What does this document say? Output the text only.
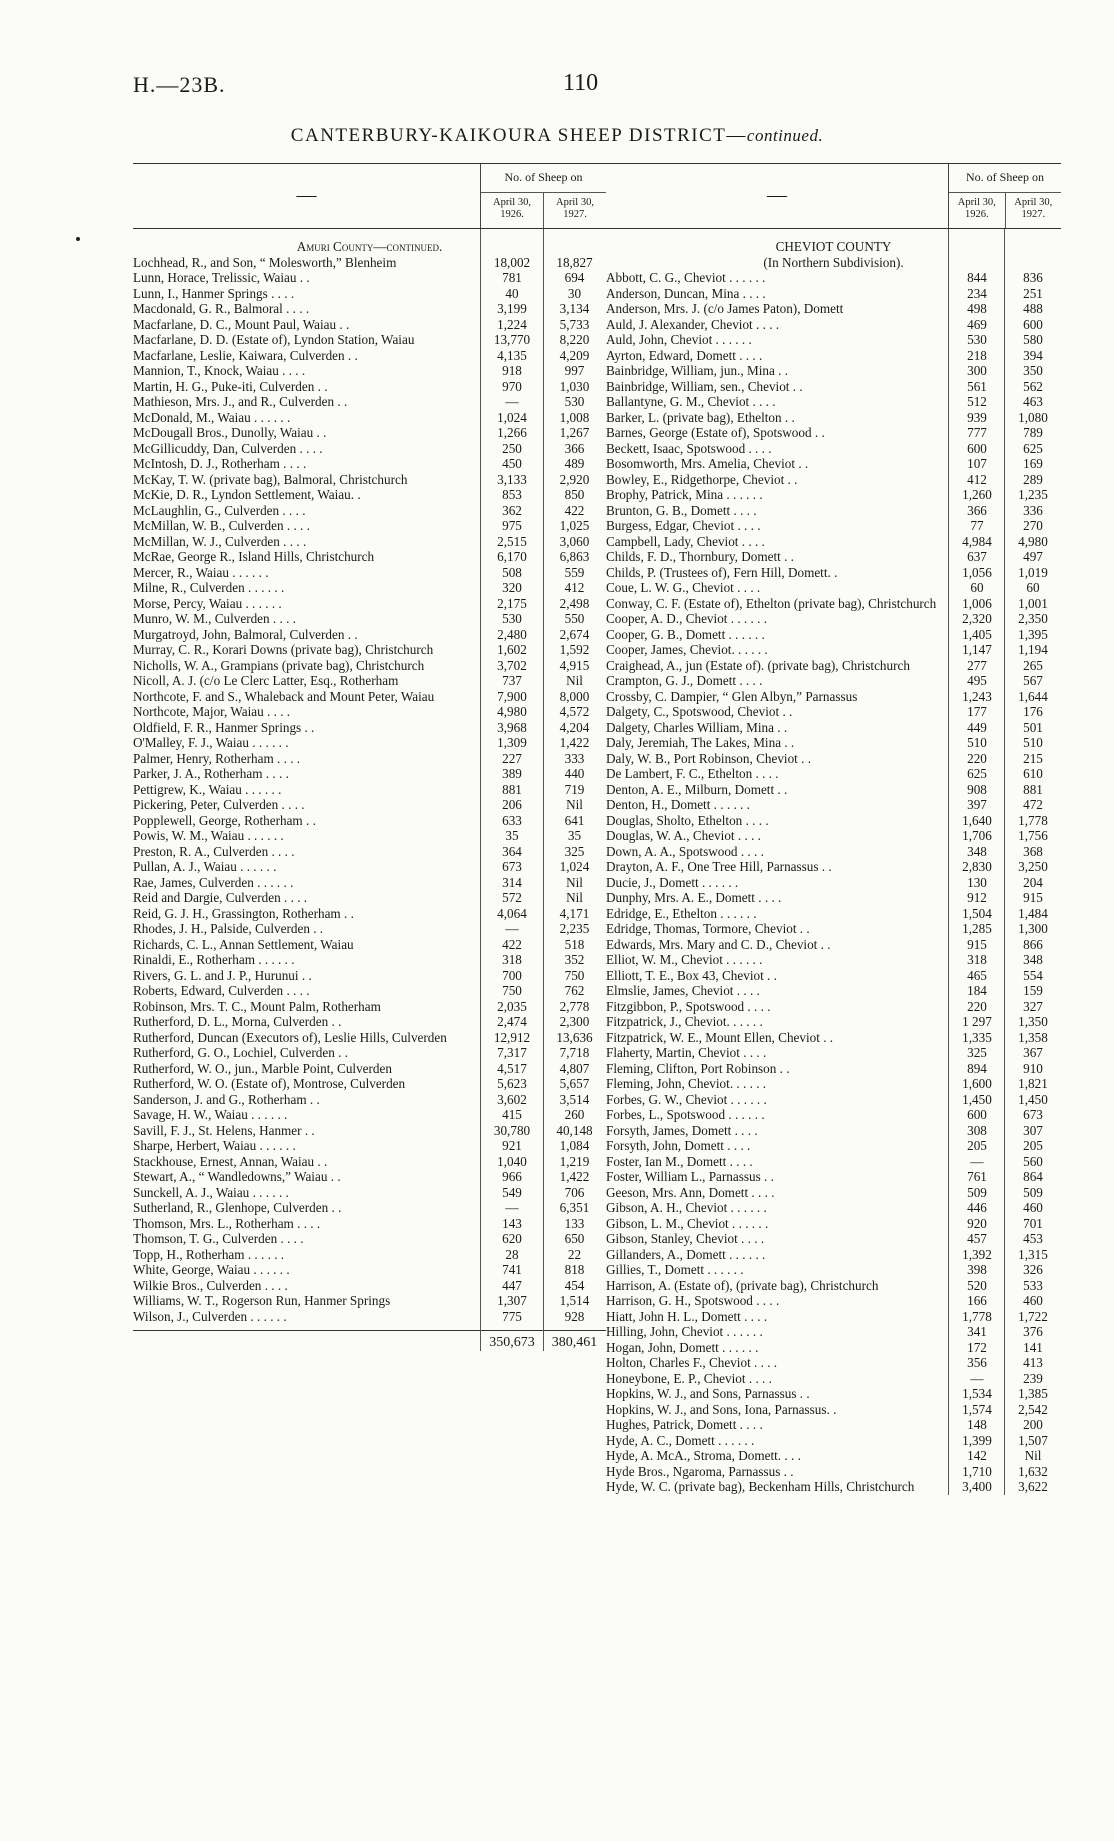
H.—23B.	110
CANTERBURY-KAIKOURA SHEEP DISTRICT—continued.
—
No. of Sheep on
April 30, 1926.
April 30, 1927.
Amuri County—continued.
Lochhead, R., and Son, “ Molesworth,” Blenheim	18,002	18,827
Lunn, Horace, Trelissic, Waiau . .	781	694
Lunn, I., Hanmer Springs . . . .	40	30
Macdonald, G. R., Balmoral . . . .	3,199	3,134
Macfarlane, D. C., Mount Paul, Waiau . .	1,224	5,733
Macfarlane, D. D. (Estate of), Lyndon Station, Waiau	13,770	8,220
Macfarlane, Leslie, Kaiwara, Culverden . .	4,135	4,209
Mannion, T., Knock, Waiau . . . .	918	997
Martin, H. G., Puke-iti, Culverden . .	970	1,030
Mathieson, Mrs. J., and R., Culverden . .	—	530
McDonald, M., Waiau . . . . . .	1,024	1,008
McDougall Bros., Dunolly, Waiau . .	1,266	1,267
McGillicuddy, Dan, Culverden . . . .	250	366
McIntosh, D. J., Rotherham . . . .	450	489
McKay, T. W. (private bag), Balmoral, Christchurch	3,133	2,920
McKie, D. R., Lyndon Settlement, Waiau. .	853	850
McLaughlin, G., Culverden . . . .	362	422
McMillan, W. B., Culverden . . . .	975	1,025
McMillan, W. J., Culverden . . . .	2,515	3,060
McRae, George R., Island Hills, Christchurch	6,170	6,863
Mercer, R., Waiau . . . . . .	508	559
Milne, R., Culverden . . . . . .	320	412
Morse, Percy, Waiau . . . . . .	2,175	2,498
Munro, W. M., Culverden . . . .	530	550
Murgatroyd, John, Balmoral, Culverden . .	2,480	2,674
Murray, C. R., Korari Downs (private bag), Christchurch	1,602	1,592
Nicholls, W. A., Grampians (private bag), Christchurch	3,702	4,915
Nicoll, A. J. (c/o Le Clerc Latter, Esq., Rotherham	737	Nil
Northcote, F. and S., Whaleback and Mount Peter, Waiau	7,900	8,000
Northcote, Major, Waiau . . . .	4,980	4,572
Oldfield, F. R., Hanmer Springs . .	3,968	4,204
O'Malley, F. J., Waiau . . . . . .	1,309	1,422
Palmer, Henry, Rotherham . . . .	227	333
Parker, J. A., Rotherham . . . .	389	440
Pettigrew, K., Waiau . . . . . .	881	719
Pickering, Peter, Culverden . . . .	206	Nil
Popplewell, George, Rotherham . .	633	641
Powis, W. M., Waiau . . . . . .	35	35
Preston, R. A., Culverden . . . .	364	325
Pullan, A. J., Waiau . . . . . .	673	1,024
Rae, James, Culverden . . . . . .	314	Nil
Reid and Dargie, Culverden . . . .	572	Nil
Reid, G. J. H., Grassington, Rotherham . .	4,064	4,171
Rhodes, J. H., Palside, Culverden . .	—	2,235
Richards, C. L., Annan Settlement, Waiau	422	518
Rinaldi, E., Rotherham . . . . . .	318	352
Rivers, G. L. and J. P., Hurunui . .	700	750
Roberts, Edward, Culverden . . . .	750	762
Robinson, Mrs. T. C., Mount Palm, Rotherham	2,035	2,778
Rutherford, D. L., Morna, Culverden . .	2,474	2,300
Rutherford, Duncan (Executors of), Leslie Hills, Culverden	12,912	13,636
Rutherford, G. O., Lochiel, Culverden . .	7,317	7,718
Rutherford, W. O., jun., Marble Point, Culverden	4,517	4,807
Rutherford, W. O. (Estate of), Montrose, Culverden	5,623	5,657
Sanderson, J. and G., Rotherham . .	3,602	3,514
Savage, H. W., Waiau . . . . . .	415	260
Savill, F. J., St. Helens, Hanmer . .	30,780	40,148
Sharpe, Herbert, Waiau . . . . . .	921	1,084
Stackhouse, Ernest, Annan, Waiau . .	1,040	1,219
Stewart, A., “ Wandledowns,” Waiau . .	966	1,422
Sunckell, A. J., Waiau . . . . . .	549	706
Sutherland, R., Glenhope, Culverden . .	—	6,351
Thomson, Mrs. L., Rotherham . . . .	143	133
Thomson, T. G., Culverden . . . .	620	650
Topp, H., Rotherham . . . . . .	28	22
White, George, Waiau . . . . . .	741	818
Wilkie Bros., Culverden . . . .	447	454
Williams, W. T., Rogerson Run, Hanmer Springs	1,307	1,514
Wilson, J., Culverden . . . . . .	775	928
350,673	380,461
—
No. of Sheep on
April 30, 1926.
April 30, 1927.
CHEVIOT COUNTY
(In Northern Subdivision).
Abbott, C. G., Cheviot . . . . . .	844	836
Anderson, Duncan, Mina . . . .	234	251
Anderson, Mrs. J. (c/o James Paton), Domett	498	488
Auld, J. Alexander, Cheviot . . . .	469	600
Auld, John, Cheviot . . . . . .	530	580
Ayrton, Edward, Domett . . . .	218	394
Bainbridge, William, jun., Mina . .	300	350
Bainbridge, William, sen., Cheviot . .	561	562
Ballantyne, G. M., Cheviot . . . .	512	463
Barker, L. (private bag), Ethelton . .	939	1,080
Barnes, George (Estate of), Spotswood . .	777	789
Beckett, Isaac, Spotswood . . . .	600	625
Bosomworth, Mrs. Amelia, Cheviot . .	107	169
Bowley, E., Ridgethorpe, Cheviot . .	412	289
Brophy, Patrick, Mina . . . . . .	1,260	1,235
Brunton, G. B., Domett . . . .	366	336
Burgess, Edgar, Cheviot . . . .	77	270
Campbell, Lady, Cheviot . . . .	4,984	4,980
Childs, F. D., Thornbury, Domett . .	637	497
Childs, P. (Trustees of), Fern Hill, Domett. .	1,056	1,019
Coue, L. W. G., Cheviot . . . .	60	60
Conway, C. F. (Estate of), Ethelton (private bag), Christchurch	1,006	1,001
Cooper, A. D., Cheviot . . . . . .	2,320	2,350
Cooper, G. B., Domett . . . . . .	1,405	1,395
Cooper, James, Cheviot. . . . . .	1,147	1,194
Craighead, A., jun (Estate of). (private bag), Christchurch	277	265
Crampton, G. J., Domett . . . .	495	567
Crossby, C. Dampier, “ Glen Albyn,” Parnassus	1,243	1,644
Dalgety, C., Spotswood, Cheviot . .	177	176
Dalgety, Charles William, Mina . .	449	501
Daly, Jeremiah, The Lakes, Mina . .	510	510
Daly, W. B., Port Robinson, Cheviot . .	220	215
De Lambert, F. C., Ethelton . . . .	625	610
Denton, A. E., Milburn, Domett . .	908	881
Denton, H., Domett . . . . . .	397	472
Douglas, Sholto, Ethelton . . . .	1,640	1,778
Douglas, W. A., Cheviot . . . .	1,706	1,756
Down, A. A., Spotswood . . . .	348	368
Drayton, A. F., One Tree Hill, Parnassus . .	2,830	3,250
Ducie, J., Domett . . . . . .	130	204
Dunphy, Mrs. A. E., Domett . . . .	912	915
Edridge, E., Ethelton . . . . . .	1,504	1,484
Edridge, Thomas, Tormore, Cheviot . .	1,285	1,300
Edwards, Mrs. Mary and C. D., Cheviot . .	915	866
Elliot, W. M., Cheviot . . . . . .	318	348
Elliott, T. E., Box 43, Cheviot . .	465	554
Elmslie, James, Cheviot . . . .	184	159
Fitzgibbon, P., Spotswood . . . .	220	327
Fitzpatrick, J., Cheviot. . . . . .	1 297	1,350
Fitzpatrick, W. E., Mount Ellen, Cheviot . .	1,335	1,358
Flaherty, Martin, Cheviot . . . .	325	367
Fleming, Clifton, Port Robinson . .	894	910
Fleming, John, Cheviot. . . . . .	1,600	1,821
Forbes, G. W., Cheviot . . . . . .	1,450	1,450
Forbes, L., Spotswood . . . . . .	600	673
Forsyth, James, Domett . . . .	308	307
Forsyth, John, Domett . . . .	205	205
Foster, Ian M., Domett . . . .	—	560
Foster, William L., Parnassus . .	761	864
Geeson, Mrs. Ann, Domett . . . .	509	509
Gibson, A. H., Cheviot . . . . . .	446	460
Gibson, L. M., Cheviot . . . . . .	920	701
Gibson, Stanley, Cheviot . . . .	457	453
Gillanders, A., Domett . . . . . .	1,392	1,315
Gillies, T., Domett . . . . . .	398	326
Harrison, A. (Estate of), (private bag), Christchurch	520	533
Harrison, G. H., Spotswood . . . .	166	460
Hiatt, John H. L., Domett . . . .	1,778	1,722
Hilling, John, Cheviot . . . . . .	341	376
Hogan, John, Domett . . . . . .	172	141
Holton, Charles F., Cheviot . . . .	356	413
Honeybone, E. P., Cheviot . . . .	—	239
Hopkins, W. J., and Sons, Parnassus . .	1,534	1,385
Hopkins, W. J., and Sons, Iona, Parnassus. .	1,574	2,542
Hughes, Patrick, Domett . . . .	148	200
Hyde, A. C., Domett . . . . . .	1,399	1,507
Hyde, A. McA., Stroma, Domett. . . .	142	Nil
Hyde Bros., Ngaroma, Parnassus . .	1,710	1,632
Hyde, W. C. (private bag), Beckenham Hills, Christchurch	3,400	3,622
